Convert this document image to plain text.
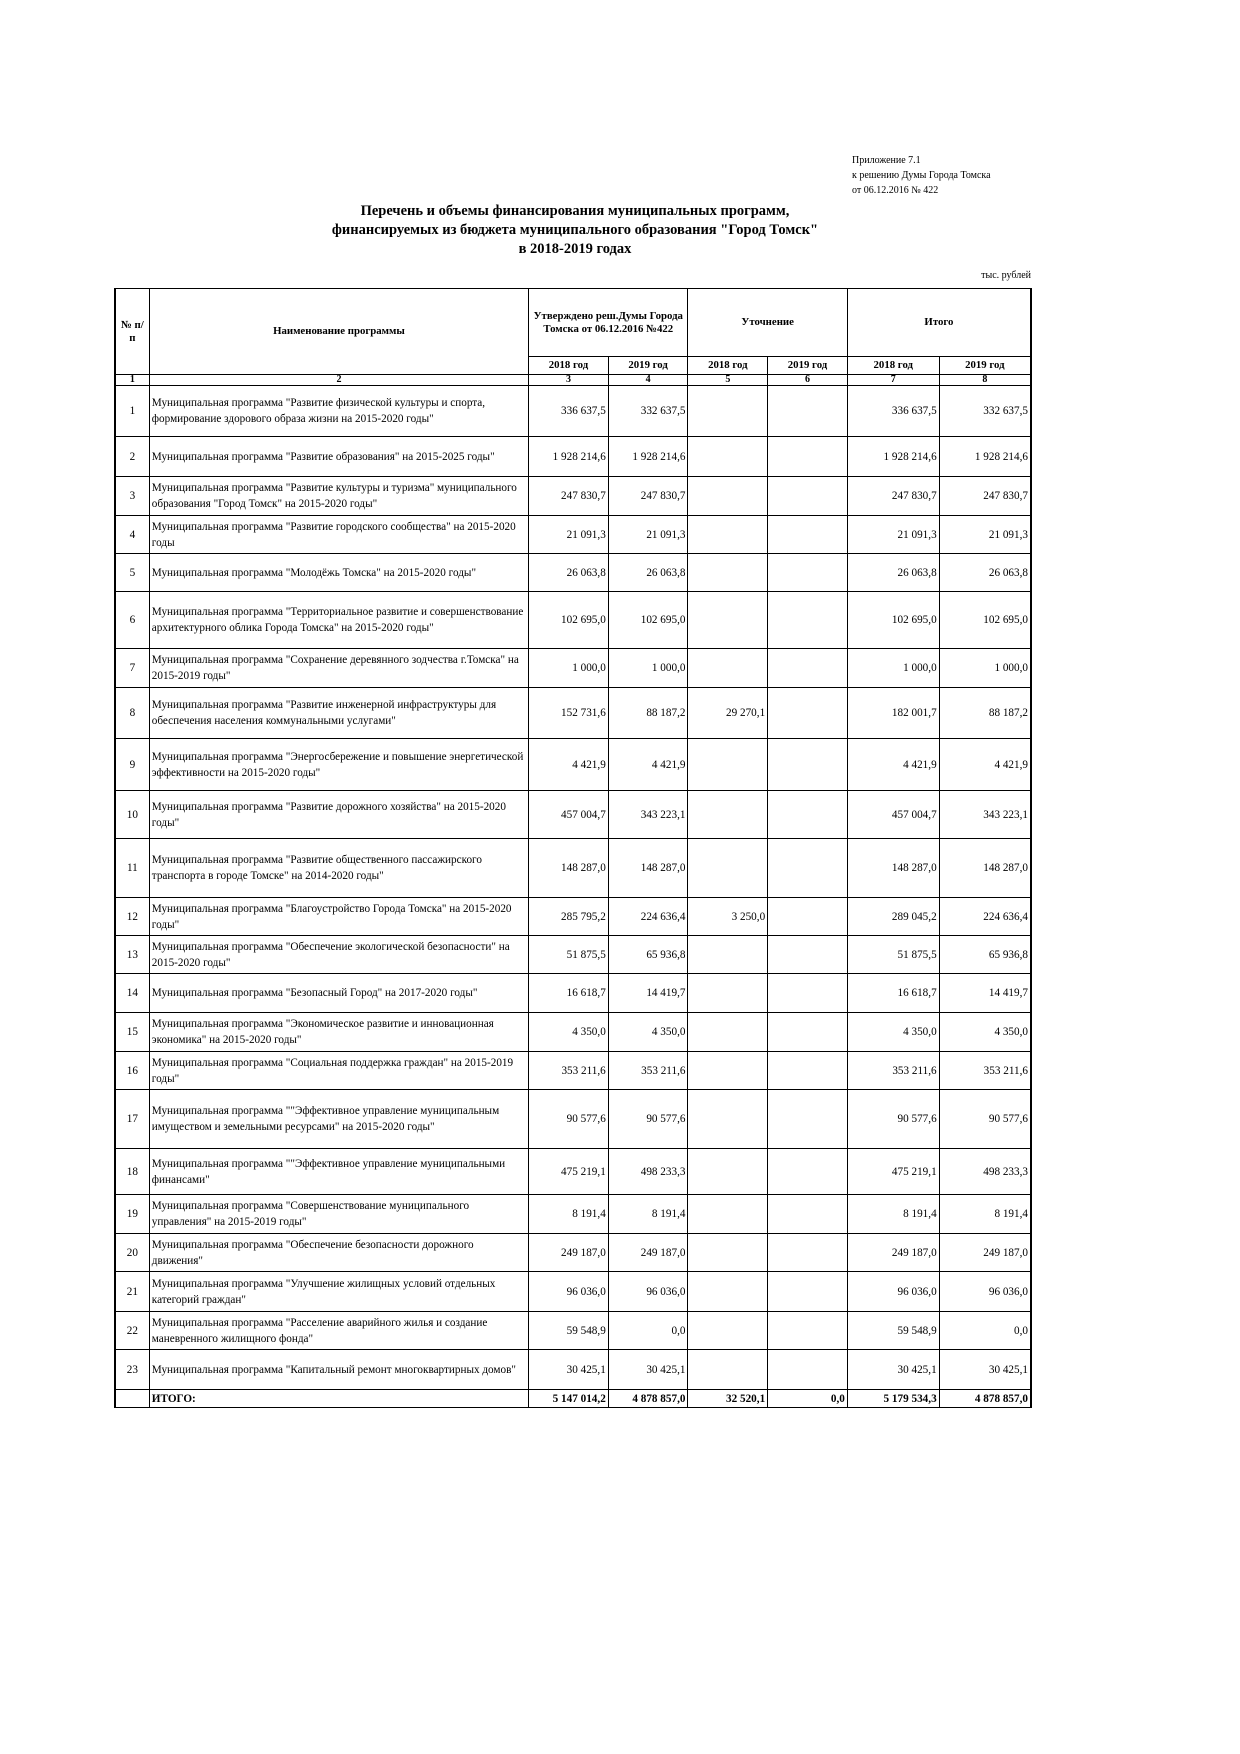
Приложение 7.1
к решению Думы Города Томска
от 06.12.2016 № 422
Перечень и объемы финансирования муниципальных программ,
финансируемых из бюджета муниципального образования "Город Томск"
в 2018-2019 годах
тыс. рублей
№ п/п	Наименование программы	Утверждено реш.Думы Города Томска от 06.12.2016 №422		Уточнение		Итого	
		2018 год	2019 год	2018 год	2019 год	2018 год	2019 год
1	2	3	4	5	6	7	8
1	Муниципальная программа "Развитие физической культуры и спорта, формирование здорового образа жизни на 2015-2020 годы"	336 637,5	332 637,5			336 637,5	332 637,5
2	Муниципальная программа "Развитие образования" на 2015-2025 годы"	1 928 214,6	1 928 214,6			1 928 214,6	1 928 214,6
3	Муниципальная программа "Развитие культуры и туризма" муниципального образования "Город Томск" на 2015-2020 годы"	247 830,7	247 830,7			247 830,7	247 830,7
4	Муниципальная программа "Развитие городского сообщества" на 2015-2020 годы	21 091,3	21 091,3			21 091,3	21 091,3
5	Муниципальная программа "Молодёжь Томска" на 2015-2020 годы"	26 063,8	26 063,8			26 063,8	26 063,8
6	Муниципальная программа "Территориальное развитие и совершенствование архитектурного облика Города Томска" на 2015-2020 годы"	102 695,0	102 695,0			102 695,0	102 695,0
7	Муниципальная программа "Сохранение деревянного зодчества г.Томска" на 2015-2019 годы"	1 000,0	1 000,0			1 000,0	1 000,0
8	Муниципальная программа "Развитие инженерной инфраструктуры для обеспечения населения коммунальными услугами"	152 731,6	88 187,2	29 270,1		182 001,7	88 187,2
9	Муниципальная программа "Энергосбережение и повышение энергетической эффективности на 2015-2020 годы"	4 421,9	4 421,9			4 421,9	4 421,9
10	Муниципальная программа "Развитие дорожного хозяйства" на 2015-2020 годы"	457 004,7	343 223,1			457 004,7	343 223,1
11	Муниципальная программа "Развитие общественного пассажирского транспорта в городе Томске" на 2014-2020 годы"	148 287,0	148 287,0			148 287,0	148 287,0
12	Муниципальная программа "Благоустройство Города Томска" на 2015-2020 годы"	285 795,2	224 636,4	3 250,0		289 045,2	224 636,4
13	Муниципальная программа "Обеспечение экологической безопасности" на 2015-2020 годы"	51 875,5	65 936,8			51 875,5	65 936,8
14	Муниципальная программа "Безопасный Город" на 2017-2020 годы"	16 618,7	14 419,7			16 618,7	14 419,7
15	Муниципальная программа "Экономическое развитие и инновационная экономика" на 2015-2020 годы"	4 350,0	4 350,0			4 350,0	4 350,0
16	Муниципальная программа "Социальная поддержка граждан" на 2015-2019 годы"	353 211,6	353 211,6			353 211,6	353 211,6
17	Муниципальная программа ""Эффективное управление муниципальным имуществом и земельными ресурсами" на 2015-2020 годы"	90 577,6	90 577,6			90 577,6	90 577,6
18	Муниципальная программа ""Эффективное управление муниципальными финансами"	475 219,1	498 233,3			475 219,1	498 233,3
19	Муниципальная программа "Совершенствование муниципального управления" на 2015-2019 годы"	8 191,4	8 191,4			8 191,4	8 191,4
20	Муниципальная программа "Обеспечение безопасности дорожного движения"	249 187,0	249 187,0			249 187,0	249 187,0
21	Муниципальная программа "Улучшение жилищных условий отдельных категорий граждан"	96 036,0	96 036,0			96 036,0	96 036,0
22	Муниципальная программа "Расселение аварийного жилья и создание маневренного жилищного фонда"	59 548,9	0,0			59 548,9	0,0
23	Муниципальная программа "Капитальный ремонт многоквартирных домов"	30 425,1	30 425,1			30 425,1	30 425,1
	ИТОГО:	5 147 014,2	4 878 857,0	32 520,1	0,0	5 179 534,3	4 878 857,0
